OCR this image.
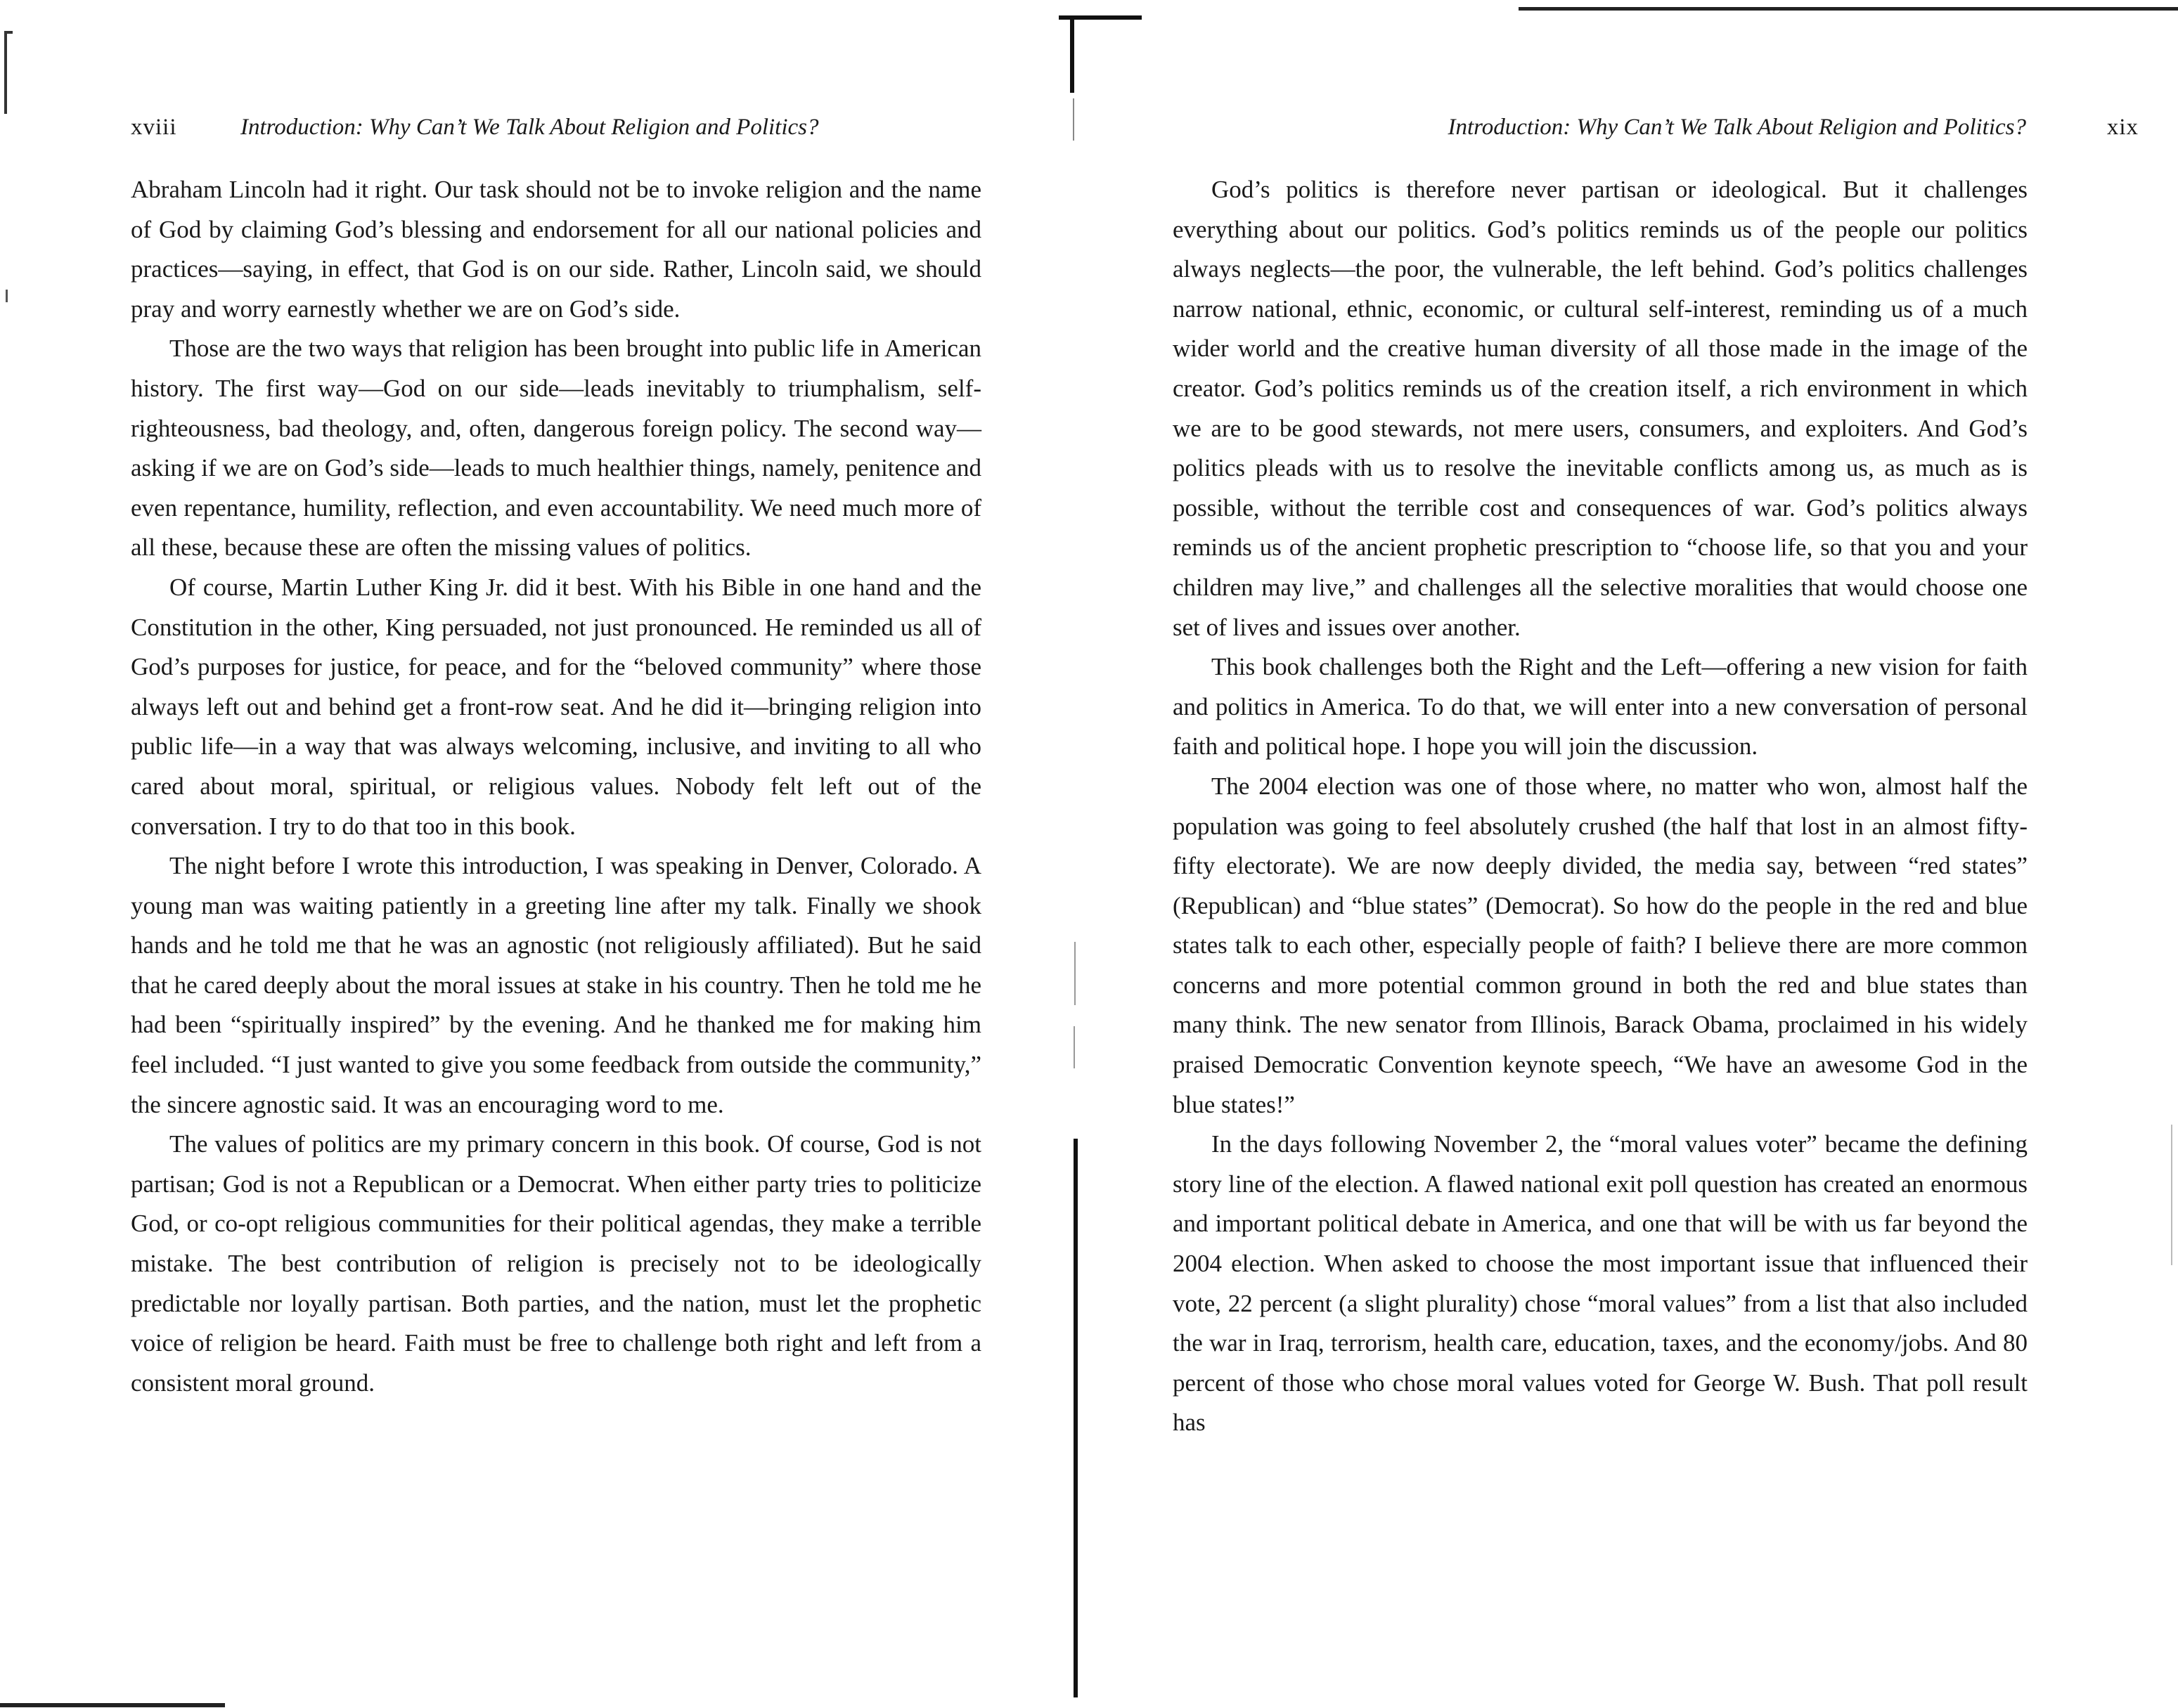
xviii	Introduction: Why Can’t We Talk About Religion and Politics?

Abraham Lincoln had it right. Our task should not be to invoke religion and the name of God by claiming God’s blessing and endorsement for all our national policies and practices—saying, in effect, that God is on our side. Rather, Lincoln said, we should pray and worry earnestly whether we are on God’s side.

Those are the two ways that religion has been brought into public life in American history. The first way—God on our side—leads inevitably to triumphalism, self-righteousness, bad theology, and, often, dangerous foreign policy. The second way—asking if we are on God’s side—leads to much healthier things, namely, penitence and even repentance, humility, reflection, and even accountability. We need much more of all these, because these are often the missing values of politics.

Of course, Martin Luther King Jr. did it best. With his Bible in one hand and the Constitution in the other, King persuaded, not just pronounced. He reminded us all of God’s purposes for justice, for peace, and for the “beloved community” where those always left out and behind get a front-row seat. And he did it—bringing religion into public life—in a way that was always welcoming, inclusive, and inviting to all who cared about moral, spiritual, or religious values. Nobody felt left out of the conversation. I try to do that too in this book.

The night before I wrote this introduction, I was speaking in Denver, Colorado. A young man was waiting patiently in a greeting line after my talk. Finally we shook hands and he told me that he was an agnostic (not religiously affiliated). But he said that he cared deeply about the moral issues at stake in his country. Then he told me he had been “spiritually inspired” by the evening. And he thanked me for making him feel included. “I just wanted to give you some feedback from outside the community,” the sincere agnostic said. It was an encouraging word to me.

The values of politics are my primary concern in this book. Of course, God is not partisan; God is not a Republican or a Democrat. When either party tries to politicize God, or co-opt religious communities for their political agendas, they make a terrible mistake. The best contribution of religion is precisely not to be ideologically predictable nor loyally partisan. Both parties, and the nation, must let the prophetic voice of religion be heard. Faith must be free to challenge both right and left from a consistent moral ground.

Introduction: Why Can’t We Talk About Religion and Politics?	xix

God’s politics is therefore never partisan or ideological. But it challenges everything about our politics. God’s politics reminds us of the people our politics always neglects—the poor, the vulnerable, the left behind. God’s politics challenges narrow national, ethnic, economic, or cultural self-interest, reminding us of a much wider world and the creative human diversity of all those made in the image of the creator. God’s politics reminds us of the creation itself, a rich environment in which we are to be good stewards, not mere users, consumers, and exploiters. And God’s politics pleads with us to resolve the inevitable conflicts among us, as much as is possible, without the terrible cost and consequences of war. God’s politics always reminds us of the ancient prophetic prescription to “choose life, so that you and your children may live,” and challenges all the selective moralities that would choose one set of lives and issues over another.

This book challenges both the Right and the Left—offering a new vision for faith and politics in America. To do that, we will enter into a new conversation of personal faith and political hope. I hope you will join the discussion.

The 2004 election was one of those where, no matter who won, almost half the population was going to feel absolutely crushed (the half that lost in an almost fifty-fifty electorate). We are now deeply divided, the media say, between “red states” (Republican) and “blue states” (Democrat). So how do the people in the red and blue states talk to each other, especially people of faith? I believe there are more common concerns and more potential common ground in both the red and blue states than many think. The new senator from Illinois, Barack Obama, proclaimed in his widely praised Democratic Convention keynote speech, “We have an awesome God in the blue states!”

In the days following November 2, the “moral values voter” became the defining story line of the election. A flawed national exit poll question has created an enormous and important political debate in America, and one that will be with us far beyond the 2004 election. When asked to choose the most important issue that influenced their vote, 22 percent (a slight plurality) chose “moral values” from a list that also included the war in Iraq, terrorism, health care, education, taxes, and the economy/jobs. And 80 percent of those who chose moral values voted for George W. Bush. That poll result has
